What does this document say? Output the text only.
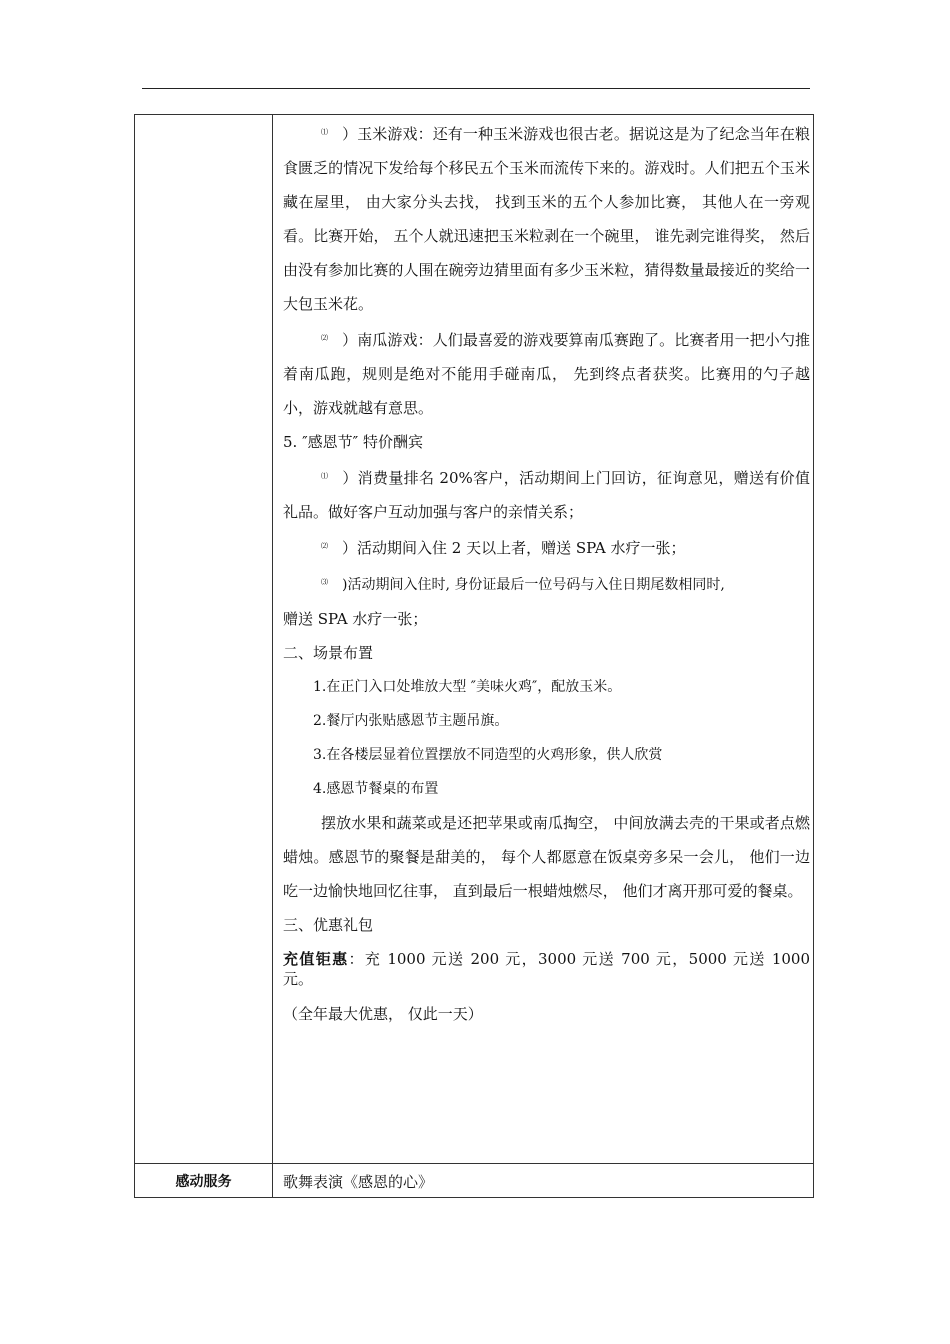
⑴ ）玉米游戏：还有一种玉米游戏也很古老。据说这是为了纪念当年在粮食匮乏的情况下发给每个移民五个玉米而流传下来的。游戏时。人们把五个玉米藏在屋里， 由大家分头去找， 找到玉米的五个人参加比赛， 其他人在一旁观看。比赛开始， 五个人就迅速把玉米粒剥在一个碗里， 谁先剥完谁得奖， 然后由没有参加比赛的人围在碗旁边猜里面有多少玉米粒，猜得数量最接近的奖给一大包玉米花。

⑵ ）南瓜游戏：人们最喜爱的游戏要算南瓜赛跑了。比赛者用一把小勺推着南瓜跑，规则是绝对不能用手碰南瓜， 先到终点者获奖。比赛用的勺子越小，游戏就越有意思。

5. ″感恩节″ 特价酬宾

⑴ ）消费量排名 20%客户，活动期间上门回访，征询意见，赠送有价值礼品。做好客户互动加强与客户的亲情关系；

⑵ ）活动期间入住 2 天以上者，赠送 SPA 水疗一张；

⑶ )活动期间入住时, 身份证最后一位号码与入住日期尾数相同时,

赠送 SPA 水疗一张；

二、场景布置

1.在正门入口处堆放大型 ″美味火鸡″，配放玉米。

2.餐厅内张贴感恩节主题吊旗。

3.在各楼层显着位置摆放不同造型的火鸡形象，供人欣赏

4.感恩节餐桌的布置

摆放水果和蔬菜或是还把苹果或南瓜掏空， 中间放满去壳的干果或者点燃蜡烛。感恩节的聚餐是甜美的， 每个人都愿意在饭桌旁多呆一会儿， 他们一边吃一边愉快地回忆往事， 直到最后一根蜡烛燃尽， 他们才离开那可爱的餐桌。

三、优惠礼包

充值钜惠：充 1000 元送 200 元，3000 元送 700 元，5000 元送 1000 元。

（全年最大优惠， 仅此一天）

感动服务	歌舞表演《感恩的心》
